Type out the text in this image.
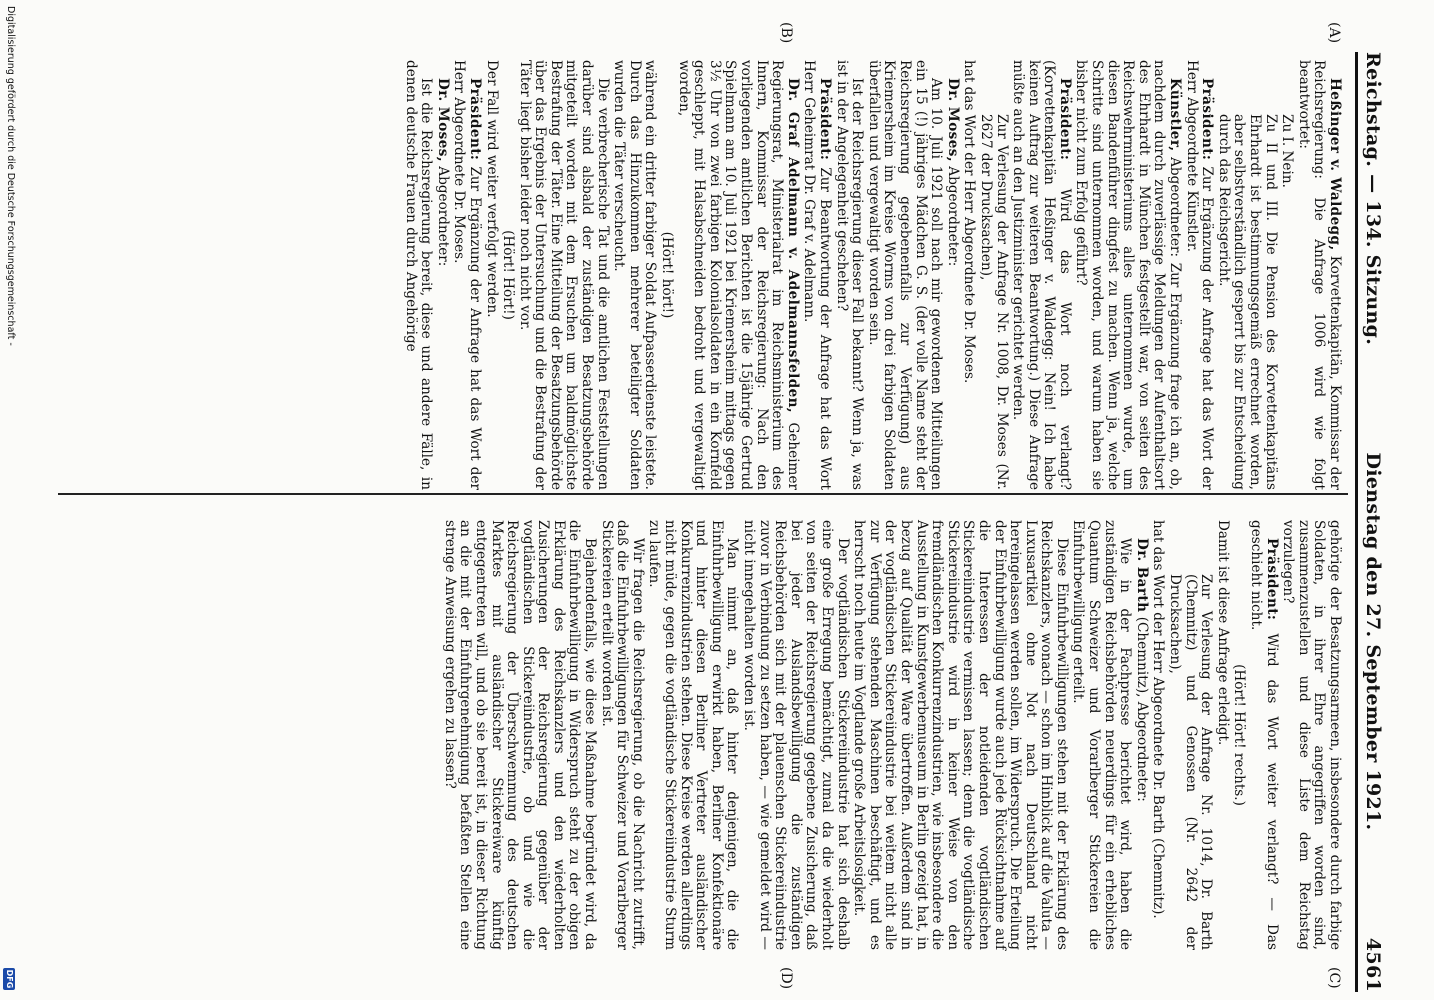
Reichstag. — 134. Sitzung.
Dienstag den 27. September 1921.
4561
(A)
(B)
(C)
(D)

Heßinger v. Waldegg, Korvettenkapitän, Kommissar der Reichsregierung: Die Anfrage 1006 wird wie folgt beantwortet:

Zu I. Nein.

Zu II und III. Die Pension des Korvettenkapitäns Ehrhardt ist bestimmungsgemäß errechnet worden, aber selbstverständlich gesperrt bis zur Entscheidung durch das Reichsgericht.

Präsident: Zur Ergänzung der Anfrage hat das Wort der Herr Abgeordnete Künstler.

Künstler, Abgeordneter: Zur Ergänzung frage ich an, ob, nachdem durch zuverlässige Meldungen der Aufenthaltsort des Ehrhardt in München festgestellt war, von seiten des Reichswehrministeriums alles unternommen wurde, um diesen Bandenführer dingfest zu machen. Wenn ja, welche Schritte sind unternommen worden, und warum haben sie bisher nicht zum Erfolg geführt?

Präsident: Wird das Wort noch verlangt? (Korvettenkapitän Heßinger v. Waldegg: Nein! Ich habe keinen Auftrag zur weiteren Beantwortung.) Diese Anfrage müßte auch an den Justizminister gerichtet werden.

Zur Verlesung der Anfrage Nr. 1008, Dr. Moses (Nr. 2627 der Drucksachen),

hat das Wort der Herr Abgeordnete Dr. Moses.

Dr. Moses, Abgeordneter:

Am 10. Juli 1921 soll nach mir gewordenen Mitteilungen ein 15 (!) jähriges Mädchen G. S. (der volle Name steht der Reichsregierung gegebenenfalls zur Verfügung) aus Kriemersheim im Kreise Worms von drei farbigen Soldaten überfallen und vergewaltigt worden sein.

Ist der Reichsregierung dieser Fall bekannt? Wenn ja, was ist in der Angelegenheit geschehen?

Präsident: Zur Beantwortung der Anfrage hat das Wort Herr Geheimrat Dr. Graf v. Adelmann.

Dr. Graf Adelmann v. Adelmannsfelden, Geheimer Regierungsrat, Ministerialrat im Reichsministerium des Innern, Kommissar der Reichsregierung: Nach den vorliegenden amtlichen Berichten ist die 15jährige Gertrud Spielmann am 10. Juli 1921 bei Kriemersheim mittags gegen 3½ Uhr von zwei farbigen Kolonialsoldaten in ein Kornfeld geschleppt, mit Halsabschneiden bedroht und vergewaltigt worden,

(Hört! hört!)

während ein dritter farbiger Soldat Aufpasserdienste leistete. Durch das Hinzukommen mehrerer beteiligter Soldaten wurden die Täter verscheucht.

Die verbrecherische Tat und die amtlichen Feststellungen darüber sind alsbald der zuständigen Besatzungsbehörde mitgeteilt worden mit dem Ersuchen um baldmöglichste Bestrafung der Täter. Eine Mitteilung der Besatzungsbehörde über das Ergebnis der Untersuchung und die Bestrafung der Täter liegt bisher leider noch nicht vor.

(Hört! Hört!)

Der Fall wird weiter verfolgt werden.

Präsident: Zur Ergänzung der Anfrage hat das Wort der Herr Abgeordnete Dr. Moses.

Dr. Moses, Abgeordneter:

Ist die Reichsregierung bereit, diese und andere Fälle, in denen deutsche Frauen durch Angehörige

gehörige der Besatzungsarmeen, insbesondere durch farbige Soldaten, in ihrer Ehre angegriffen worden sind, zusammenzustellen und diese Liste dem Reichstag vorzulegen?

Präsident: Wird das Wort weiter verlangt? — Das geschieht nicht.

(Hört! Hört! rechts.)

Damit ist diese Anfrage erledigt.

Zur Verlesung der Anfrage Nr. 1014, Dr. Barth (Chemnitz) und Genossen (Nr. 2642 der Drucksachen),

hat das Wort der Herr Abgeordnete Dr. Barth (Chemnitz).

Dr. Barth (Chemnitz), Abgeordneter:

Wie in der Fachpresse berichtet wird, haben die zuständigen Reichsbehörden neuerdings für ein erhebliches Quantum Schweizer und Vorarlberger Stickereien die Einfuhrbewilligung erteilt.

Diese Einfuhrbewilligungen stehen mit der Erklärung des Reichskanzlers, wonach — schon im Hinblick auf die Valuta — Luxusartikel ohne Not nach Deutschland nicht hereingelassen werden sollen, im Widerspruch. Die Erteilung der Einfuhrbewilligung wurde auch jede Rücksichtnahme auf die Interessen der notleidenden vogtländischen Stickereiindustrie vermissen lassen; denn die vogtländische Stickereiindustrie wird in keiner Weise von den fremdländischen Konkurrenzindustrien, wie insbesondere die Ausstellung in Kunstgewerbemuseum in Berlin gezeigt hat, in bezug auf Qualität der Ware übertroffen. Außerdem sind in der vogtländischen Stickereiindustrie bei weitem nicht alle zur Verfügung stehenden Maschinen beschäftigt, und es herrscht noch heute im Vogtlande große Arbeitslosigkeit.

Der vogtländischen Stickereiindustrie hat sich deshalb eine große Erregung bemächtigt, zumal da die wiederholt von seiten der Reichsregierung gegebene Zusicherung, daß bei jeder Auslandsbewilligung die zuständigen Reichsbehörden sich mit der plauenschen Stickereiindustrie zuvor in Verbindung zu setzen haben, — wie gemeldet wird — nicht innegehalten worden ist.

Man nimmt an, daß hinter denjenigen, die die Einfuhrbewilligung erwirkt haben, Berliner Konfektionäre und hinter diesen Berliner Vertreter ausländischer Konkurrenzindustrien stehen. Diese Kreise werden allerdings nicht müde, gegen die vogtländische Stickereiindustrie Sturm zu laufen.

Wir fragen die Reichsregierung, ob die Nachricht zutrifft, daß die Einfuhrbewilligungen für Schweizer und Vorarlberger Stickereien erteilt worden ist.

Bejahendenfalls, wie diese Maßnahme begründet wird, da die Einfuhrbewilligung in Widerspruch steht zu der obigen Erklärung des Reichskanzlers und den wiederholten Zusicherungen der Reichsregierung gegenüber der vogtländischen Stickereiindustrie, ob und wie die Reichsregierung der Überschwemmung des deutschen Marktes mit ausländischer Stickereiware künftig entgegentreten will, und ob sie bereit ist, in dieser Richtung an die mit der Einfuhrgenehmigung befaßten Stellen eine strenge Anweisung ergehen zu lassen?

Digitalisierung gefördert durch die Deutsche Forschungsgemeinschaft -
DFG
